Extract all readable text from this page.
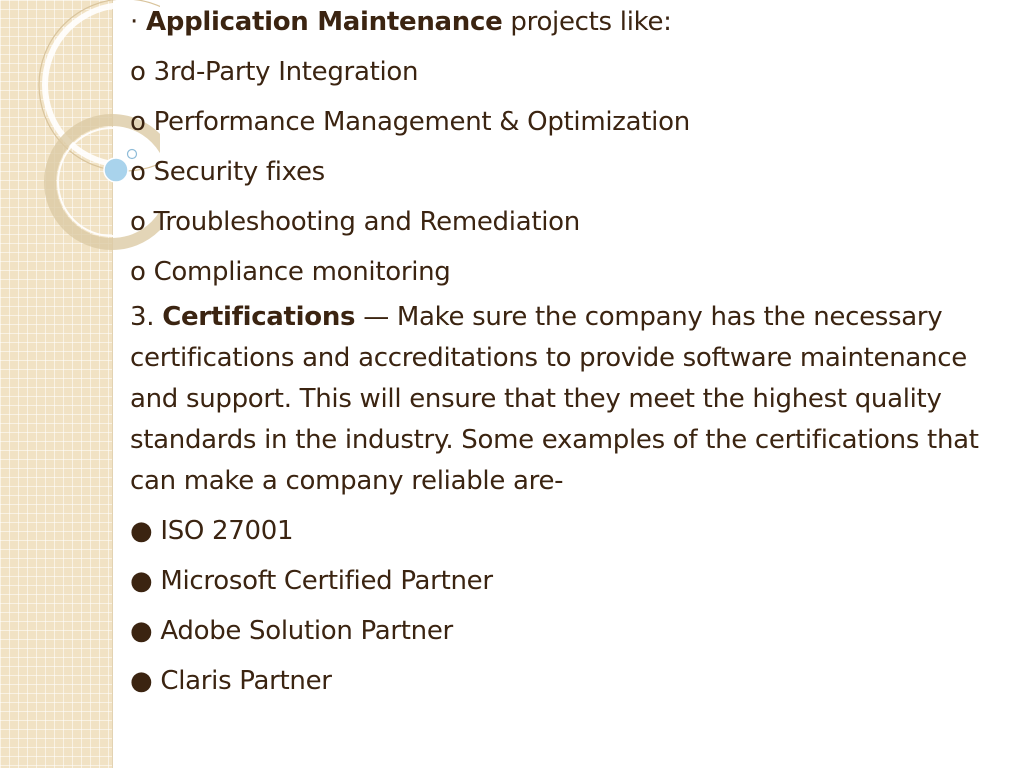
· Application Maintenance projects like:
o 3rd-Party Integration
o Performance Management & Optimization
o Security fixes
o Troubleshooting and Remediation
o Compliance monitoring
3. Certifications — Make sure the company has the necessary certifications and accreditations to provide software maintenance and support. This will ensure that they meet the highest quality standards in the industry. Some examples of the certifications that can make a company reliable are-
● ISO 27001
● Microsoft Certified Partner
● Adobe Solution Partner
● Claris Partner
